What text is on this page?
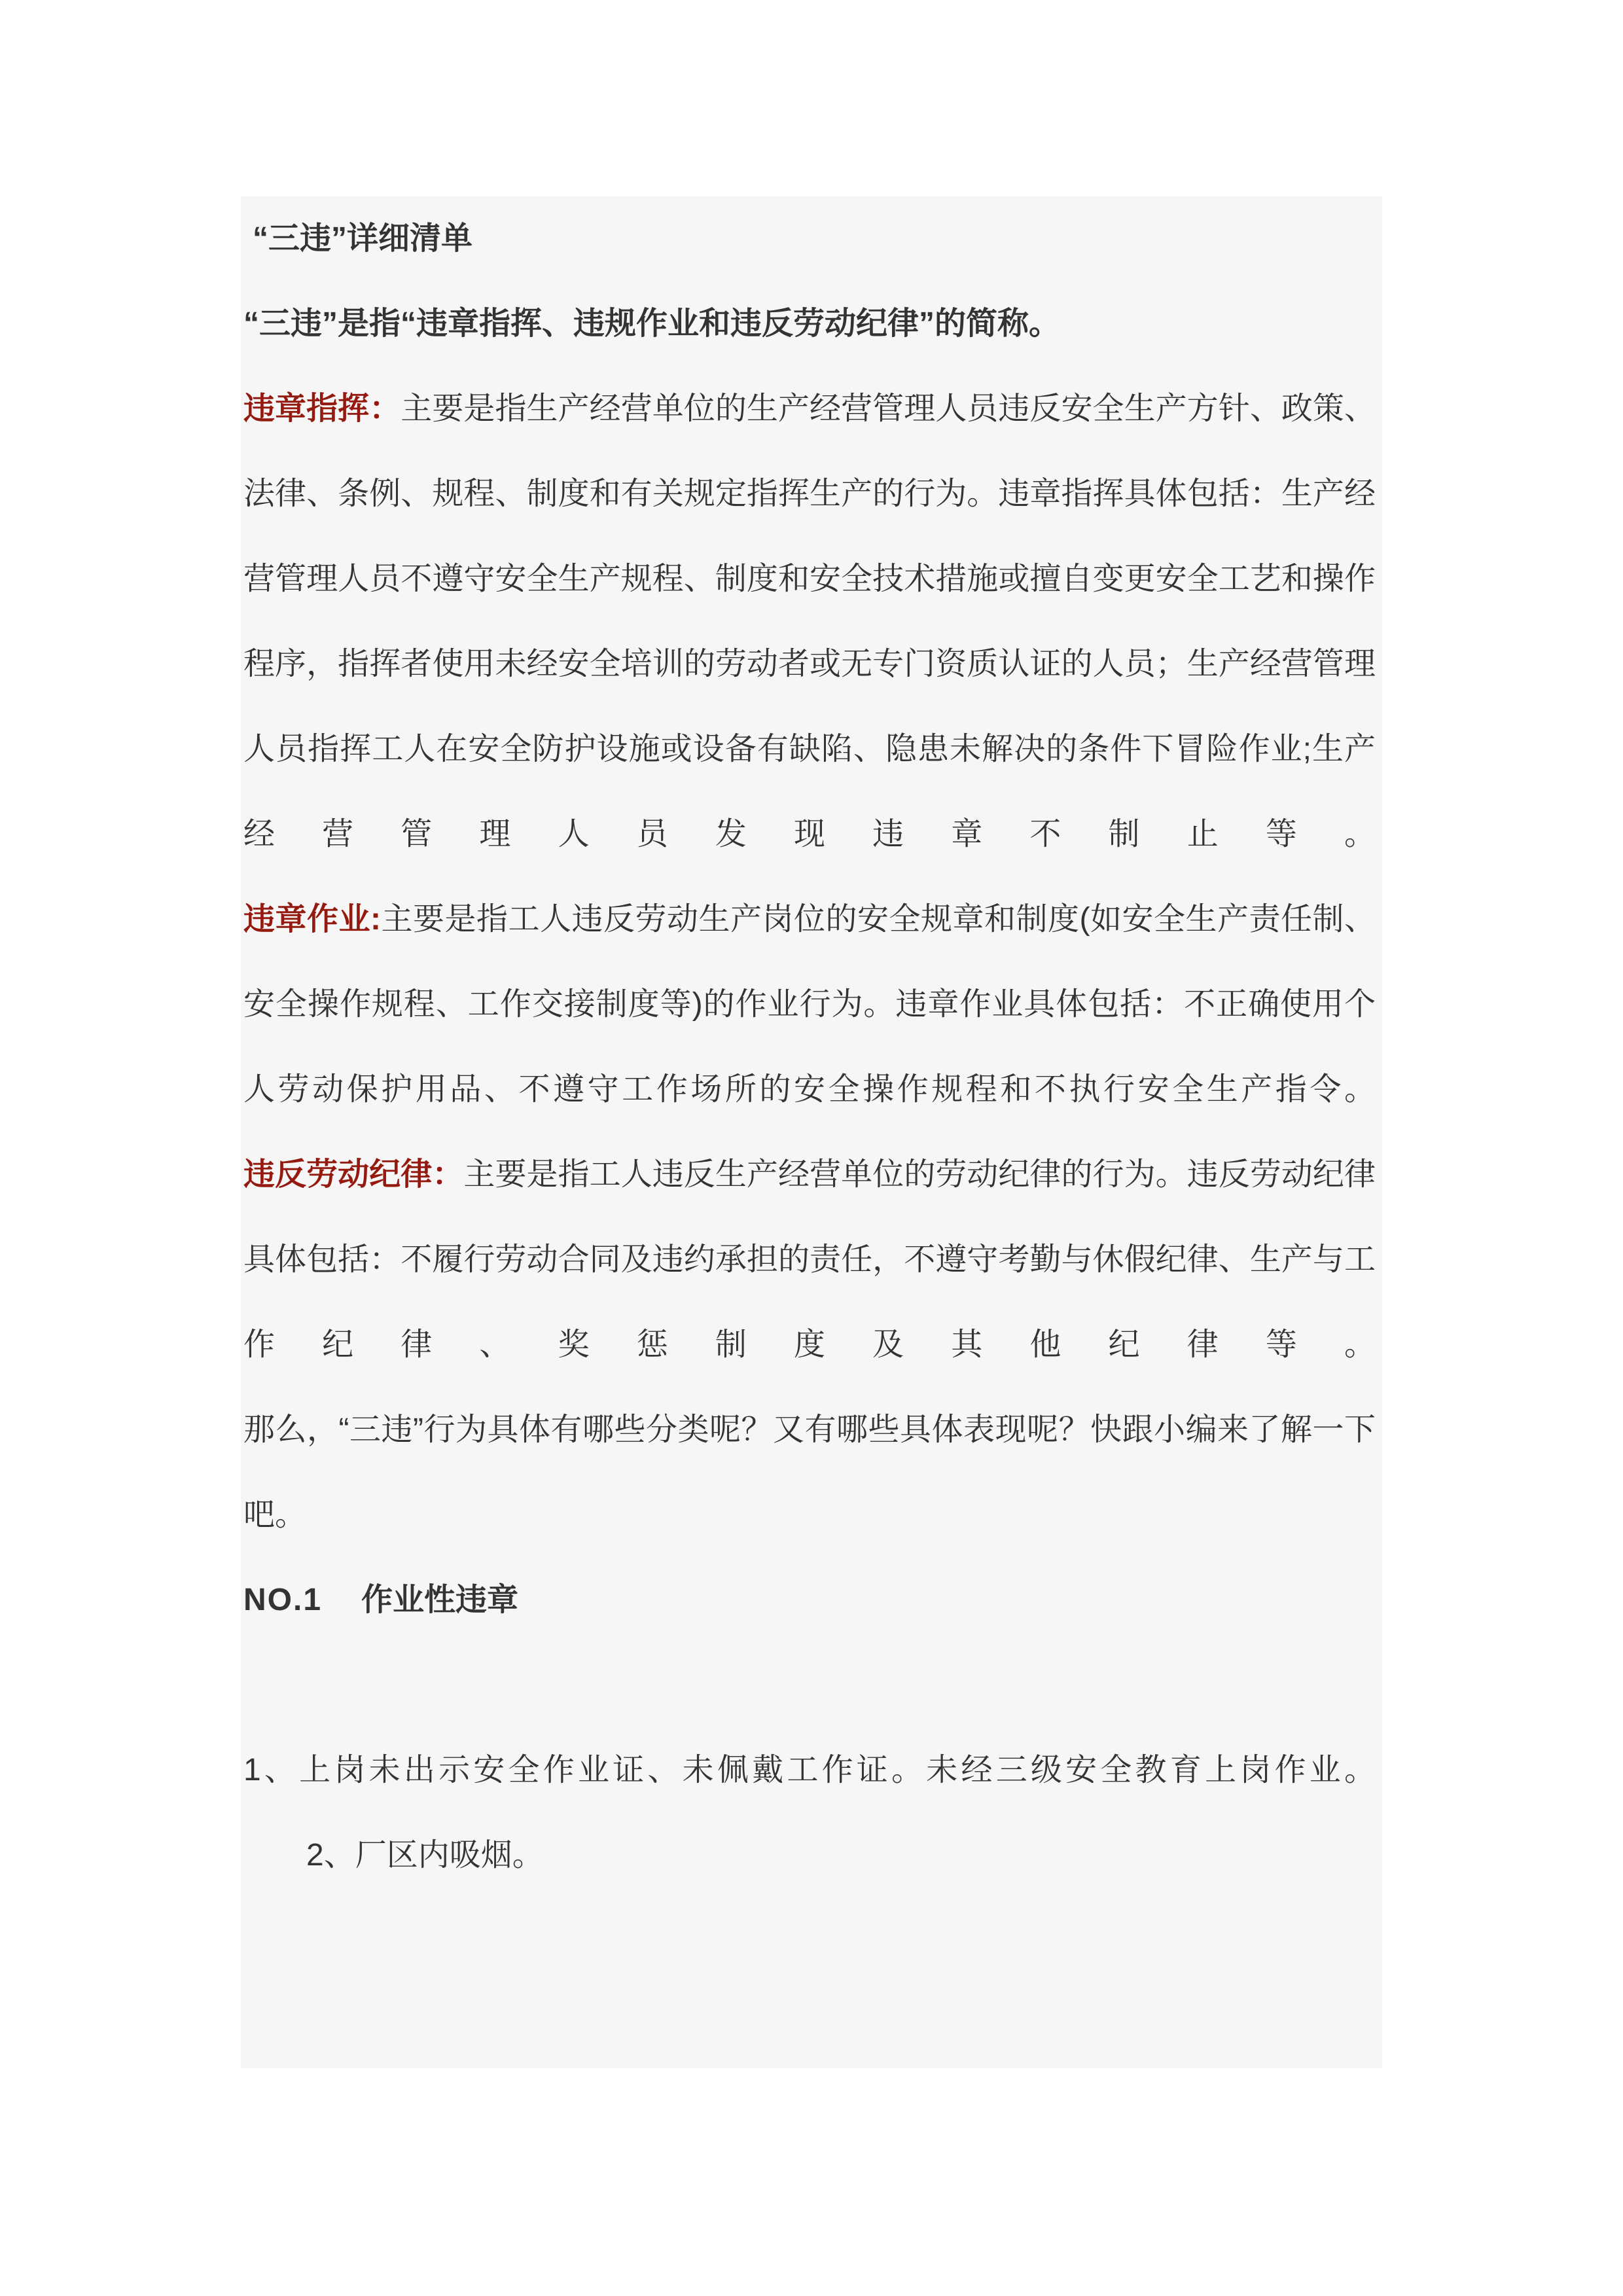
“三违”详细清单

“三违”是指“违章指挥、违规作业和违反劳动纪律”的简称。

违章指挥：主要是指生产经营单位的生产经营管理人员违反安全生产方针、政策、法律、条例、规程、制度和有关规定指挥生产的行为。违章指挥具体包括：生产经营管理人员不遵守安全生产规程、制度和安全技术措施或擅自变更安全工艺和操作程序，指挥者使用未经安全培训的劳动者或无专门资质认证的人员；生产经营管理人员指挥工人在安全防护设施或设备有缺陷、隐患未解决的条件下冒险作业;生产经营管理人员发现违章不制止等。

违章作业:主要是指工人违反劳动生产岗位的安全规章和制度(如安全生产责任制、安全操作规程、工作交接制度等)的作业行为。违章作业具体包括：不正确使用个人劳动保护用品、不遵守工作场所的安全操作规程和不执行安全生产指令。

违反劳动纪律：主要是指工人违反生产经营单位的劳动纪律的行为。违反劳动纪律具体包括：不履行劳动合同及违约承担的责任，不遵守考勤与休假纪律、生产与工作纪律、奖惩制度及其他纪律等。

那么，“三违”行为具体有哪些分类呢？又有哪些具体表现呢？快跟小编来了解一下吧。

NO.1 作业性违章

1、上岗未出示安全作业证、未佩戴工作证。未经三级安全教育上岗作业。

2、厂区内吸烟。
